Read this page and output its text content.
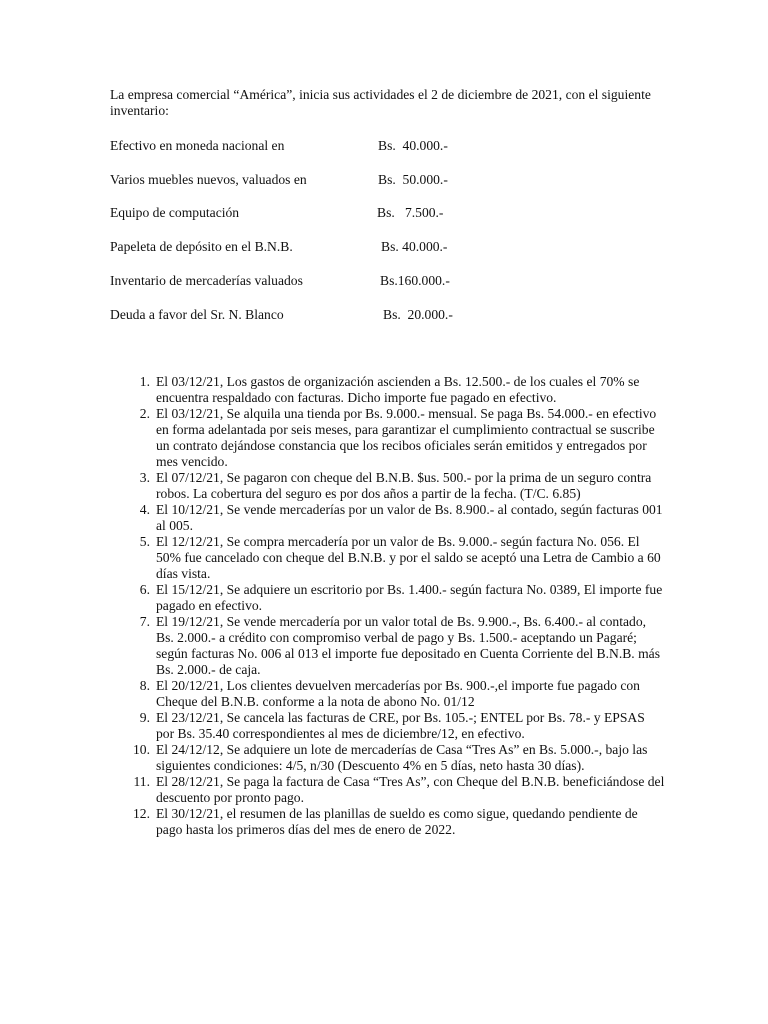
La empresa comercial “América”, inicia sus actividades el 2 de diciembre de 2021, con el siguiente inventario:

Efectivo en moneda nacional en	Bs.  40.000.-
Varios muebles nuevos, valuados en	Bs.  50.000.-
Equipo de computación	Bs.   7.500.-
Papeleta de depósito en el B.N.B.	Bs. 40.000.-
Inventario de mercaderías valuados	Bs.160.000.-
Deuda a favor del Sr. N. Blanco	Bs.  20.000.-
1. El 03/12/21, Los gastos de organización ascienden a Bs. 12.500.- de los cuales el 70% se encuentra respaldado con facturas. Dicho importe fue pagado en efectivo.
2. El 03/12/21, Se alquila una tienda por Bs. 9.000.- mensual. Se paga Bs. 54.000.- en efectivo en forma adelantada por seis meses, para garantizar el cumplimiento contractual se suscribe un contrato dejándose constancia que los recibos oficiales serán emitidos y entregados por mes vencido.
3. El 07/12/21, Se pagaron con cheque del B.N.B. $us. 500.- por la prima de un seguro contra robos. La cobertura del seguro es por dos años a partir de la fecha. (T/C. 6.85)
4. El 10/12/21, Se vende mercaderías por un valor de Bs. 8.900.- al contado, según facturas 001 al 005.
5. El 12/12/21, Se compra mercadería por un valor de Bs. 9.000.- según factura No. 056. El 50% fue cancelado con cheque del B.N.B. y por el saldo se aceptó una Letra de Cambio a 60 días vista.
6. El 15/12/21, Se adquiere un escritorio por Bs. 1.400.- según factura No. 0389, El importe fue pagado en efectivo.
7. El 19/12/21, Se vende mercadería por un valor total de Bs. 9.900.-, Bs. 6.400.- al contado, Bs. 2.000.- a crédito con compromiso verbal de pago y Bs. 1.500.- aceptando un Pagaré; según facturas No. 006 al 013 el importe fue depositado en Cuenta Corriente del B.N.B. más Bs. 2.000.- de caja.
8. El 20/12/21, Los clientes devuelven mercaderías por Bs. 900.-,el importe fue pagado con Cheque del B.N.B. conforme a la nota de abono No. 01/12
9. El 23/12/21, Se cancela las facturas de CRE, por Bs. 105.-; ENTEL por Bs. 78.- y EPSAS por Bs. 35.40 correspondientes al mes de diciembre/12, en efectivo.
10. El 24/12/12, Se adquiere un lote de mercaderías de Casa “Tres As” en Bs. 5.000.-, bajo las siguientes condiciones: 4/5, n/30 (Descuento 4% en 5 días, neto hasta 30 días).
11. El 28/12/21, Se paga la factura de Casa “Tres As”, con Cheque del B.N.B. beneficiándose del descuento por pronto pago.
12. El 30/12/21, el resumen de las planillas de sueldo es como sigue, quedando pendiente de pago hasta los primeros días del mes de enero de 2022.
